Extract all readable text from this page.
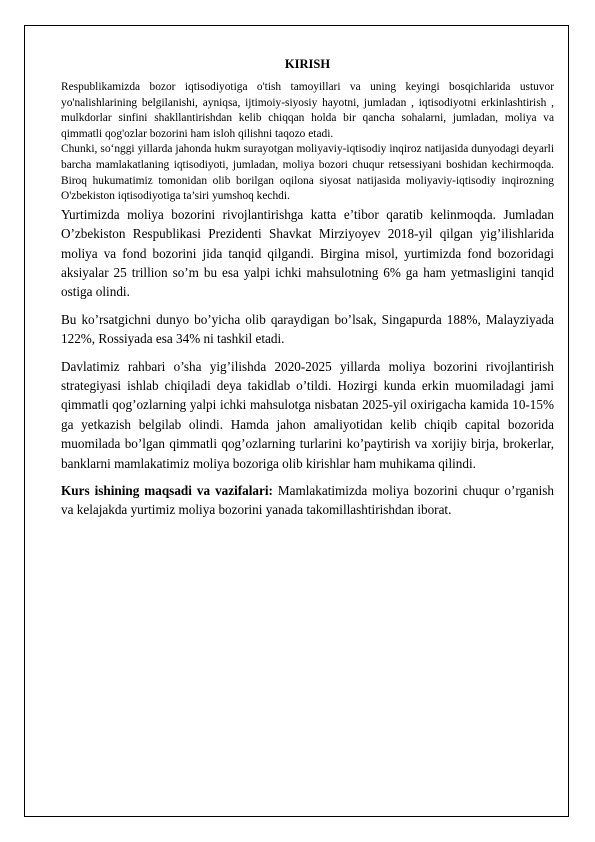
KIRISH

Respublikamizda bozor iqtisodiyotiga o'tish tamoyillari va uning keyingi bosqichlarida ustuvor yo'nalishlarining belgilanishi, ayniqsa, ijtimoiy-siyosiy hayotni, jumladan , iqtisodiyotni erkinlashtirish , mulkdorlar sinfini shakllantirishdan kelib chiqqan holda bir qancha sohalarni, jumladan, moliya va qimmatli qog'ozlar bozorini ham isloh qilishni taqozo etadi.

Chunki, so‘nggi yillarda jahonda hukm surayotgan moliyaviy-iqtisodiy inqiroz natijasida dunyodagi deyarli barcha mamlakatlaning iqtisodiyoti, jumladan, moliya bozori chuqur retsessiyani boshidan kechirmoqda. Biroq hukumatimiz tomonidan olib borilgan oqilona siyosat natijasida moliyaviy-iqtisodiy inqirozning O'zbekiston iqtisodiyotiga ta’siri yumshoq kechdi.

Yurtimizda moliya bozorini rivojlantirishga katta e’tibor qaratib kelinmoqda. Jumladan O’zbekiston Respublikasi Prezidenti Shavkat Mirziyoyev 2018-yil qilgan yig’ilishlarida moliya va fond bozorini jida tanqid qilgandi. Birgina misol, yurtimizda fond bozoridagi aksiyalar 25 trillion so’m bu esa yalpi ichki mahsulotning 6% ga ham yetmasligini tanqid ostiga olindi.

Bu ko’rsatgichni dunyo bo’yicha olib qaraydigan bo’lsak, Singapurda 188%, Malayziyada 122%, Rossiyada esa 34% ni tashkil etadi.

Davlatimiz rahbari o’sha yig’ilishda 2020-2025 yillarda moliya bozorini rivojlantirish strategiyasi ishlab chiqiladi deya takidlab o’tildi. Hozirgi kunda erkin muomiladagi jami qimmatli qog’ozlarning yalpi ichki mahsulotga nisbatan 2025-yil oxirigacha kamida 10-15% ga yetkazish belgilab olindi. Hamda jahon amaliyotidan kelib chiqib capital bozorida muomilada bo’lgan qimmatli qog’ozlarning turlarini ko’paytirish va xorijiy birja, brokerlar, banklarni mamlakatimiz moliya bozoriga olib kirishlar ham muhikama qilindi.

Kurs ishining maqsadi va vazifalari: Mamlakatimizda moliya bozorini chuqur o’rganish va kelajakda yurtimiz moliya bozorini yanada takomillashtirishdan iborat.
